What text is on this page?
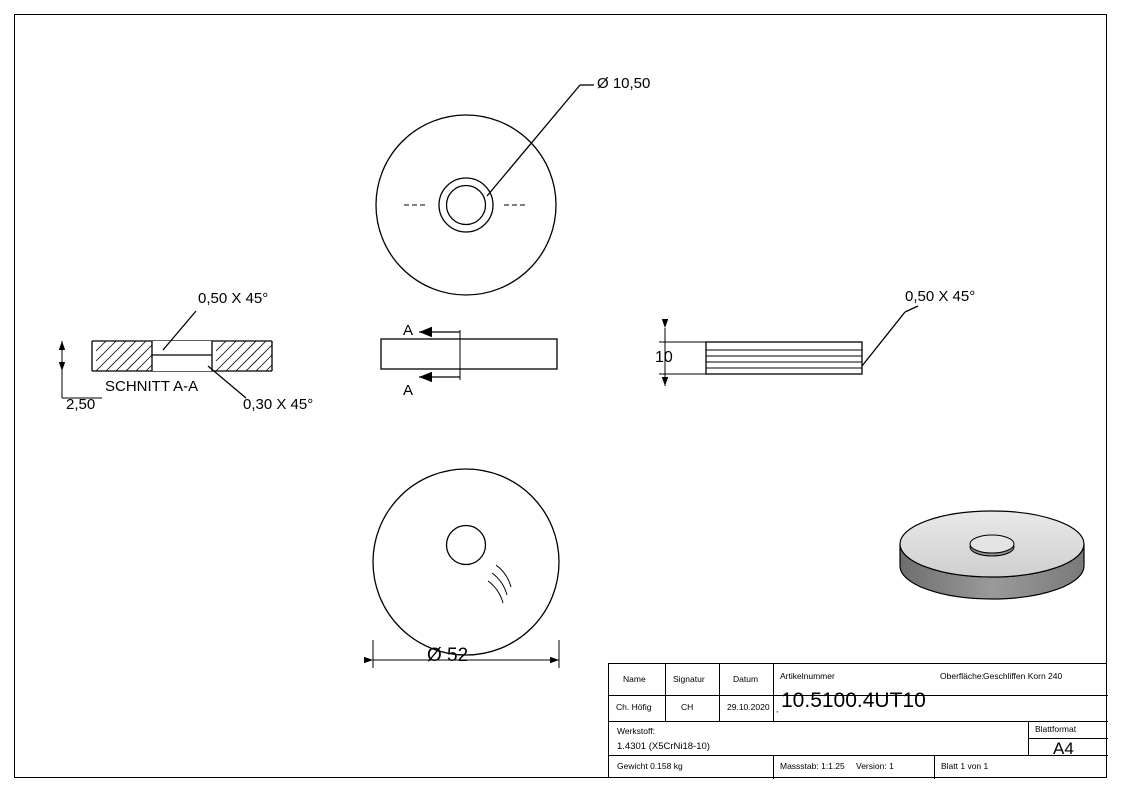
Ø 10,50
0,50 X 45°
0,30 X 45°
2,50
SCHNITT A-A
A
A
10
0,50 X 45°
Ø 52
Name	Signatur	Datum	Artikelnummer	Oberfläche: Geschliffen Korn 240
Ch. Höfig	CH	29.10.2020 10.5100.4UT10
,
Werkstoff:
1.4301 (X5CrNi18-10)
Blattformat
A4
Gewicht 0.158 kg	Massstab: 1:1.25 Version: 1	Blatt 1 von 1
